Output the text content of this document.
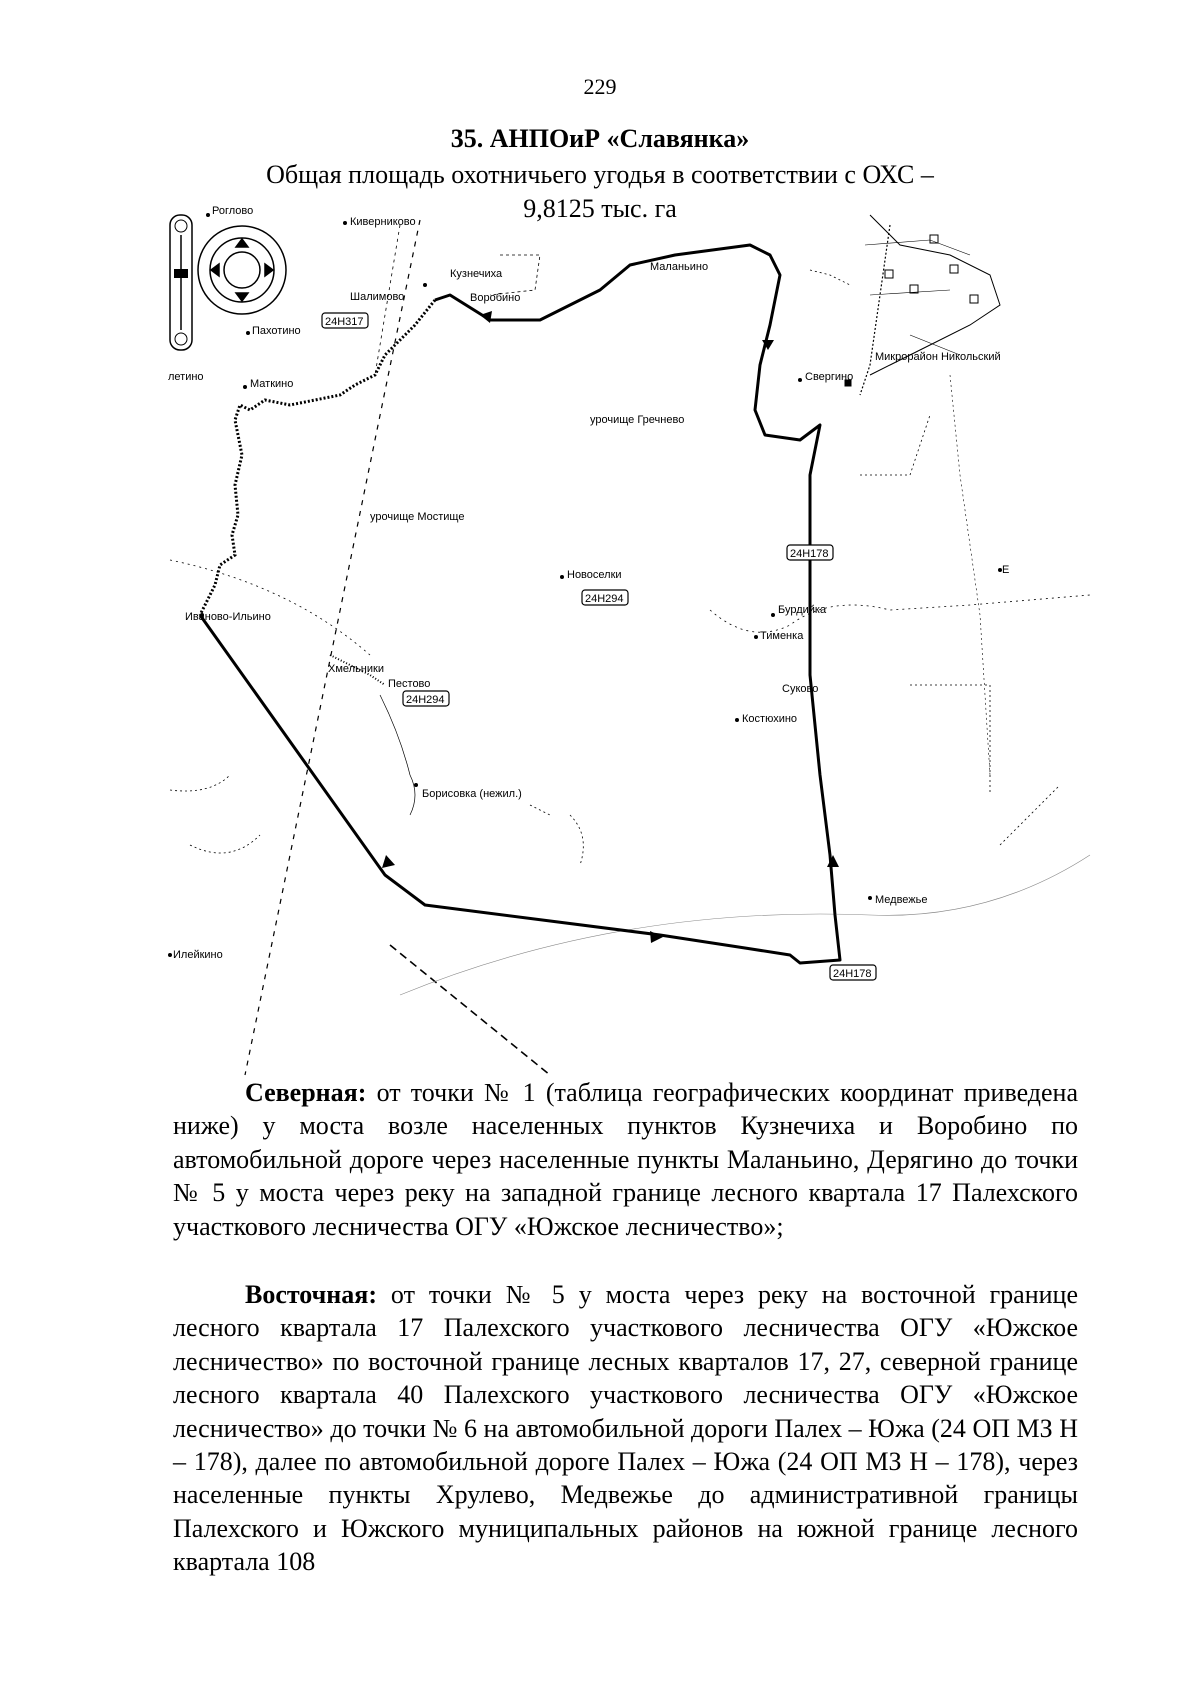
229
35. АНПОиР «Славянка»
Общая площадь охотничьего угодья в соответствии с ОХС –
9,8125 тыс. га
Роглово
Киверниково
Кузнечиха
Воробино
Шалимово
Пахотино
Маланьино
Маткино
летино	Свергино
урочище Гречнево
урочище Мостище
Новоселки
Иваново-Ильино
Хмельники
Пестово
Борисовка (нежил.)
Бурдийка
Тименка
Суково
Костюхино
Медвежье
Илейкино
Микрорайон Никольский
Е
24Н317
24Н178
24Н294
24Н294
24Н178

Северная: от точки № 1 (таблица географических координат приведена ниже) у моста возле населенных пунктов Кузнечиха и Воробино по автомобильной дороге через населенные пункты Маланьино, Дерягино до точки № 5 у моста через реку на западной границе лесного квартала 17 Палехского участкового лесничества ОГУ «Южское лесничество»;

Восточная: от точки № 5 у моста через реку на восточной границе лесного квартала 17 Палехского участкового лесничества ОГУ «Южское лесничество» по восточной границе лесных кварталов 17, 27, северной границе лесного квартала 40 Палехского участкового лесничества ОГУ «Южское лесничество» до точки № 6 на автомобильной дороги Палех – Южа (24 ОП МЗ Н – 178), далее по автомобильной дороге Палех – Южа (24 ОП МЗ Н – 178), через населенные пункты Хрулево, Медвежье до административной границы Палехского и Южского муниципальных районов на южной границе лесного квартала 108
